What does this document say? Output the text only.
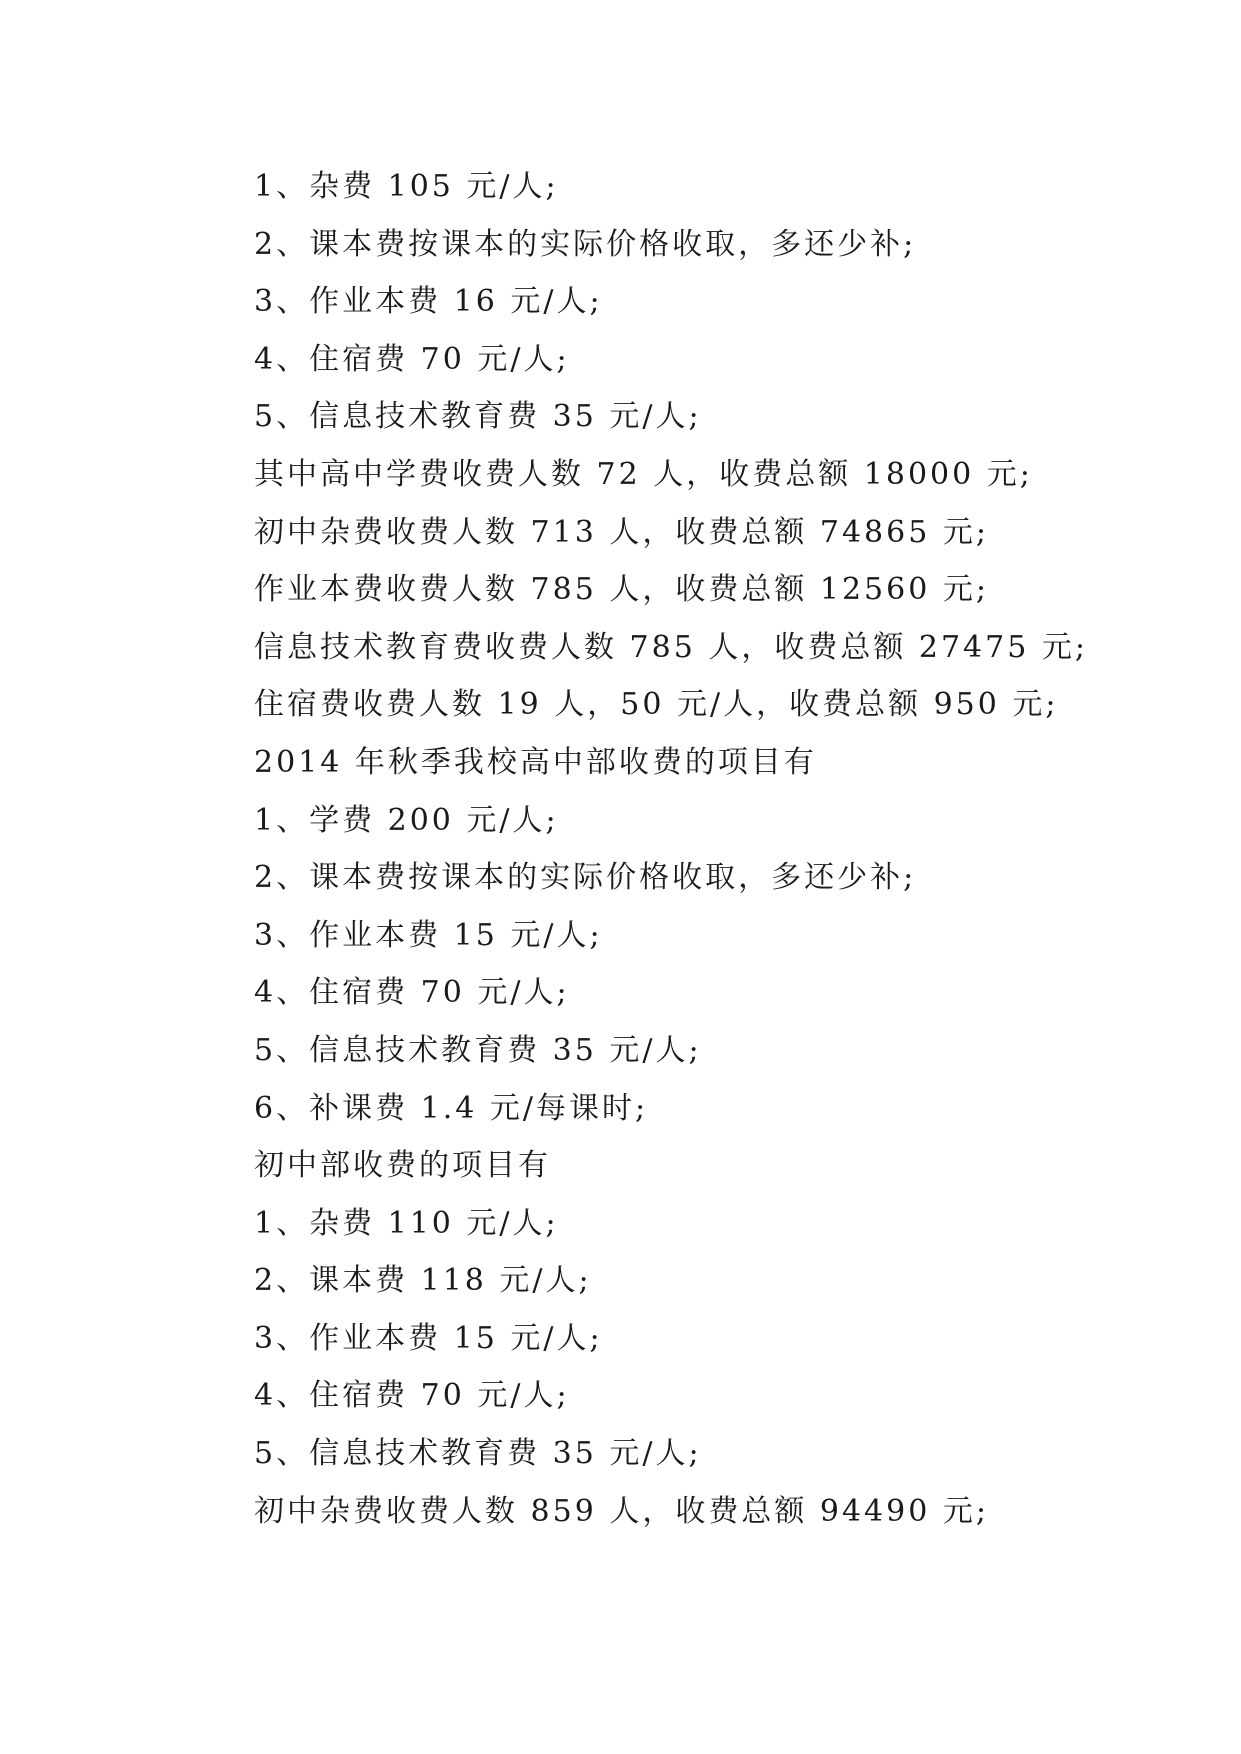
1、杂费 105 元/人;
2、课本费按课本的实际价格收取，多还少补;
3、作业本费 16 元/人;
4、住宿费 70 元/人;
5、信息技术教育费 35 元/人;
其中高中学费收费人数 72 人，收费总额 18000 元;
初中杂费收费人数 713 人，收费总额 74865 元;
作业本费收费人数 785 人，收费总额 12560 元;
信息技术教育费收费人数 785 人，收费总额 27475 元;
住宿费收费人数 19 人，50 元/人，收费总额 950 元;
2014 年秋季我校高中部收费的项目有
1、学费 200 元/人;
2、课本费按课本的实际价格收取，多还少补;
3、作业本费 15 元/人;
4、住宿费 70 元/人;
5、信息技术教育费 35 元/人;
6、补课费 1.4 元/每课时;
初中部收费的项目有
1、杂费 110 元/人;
2、课本费 118 元/人;
3、作业本费 15 元/人;
4、住宿费 70 元/人;
5、信息技术教育费 35 元/人;
初中杂费收费人数 859 人，收费总额 94490 元;
